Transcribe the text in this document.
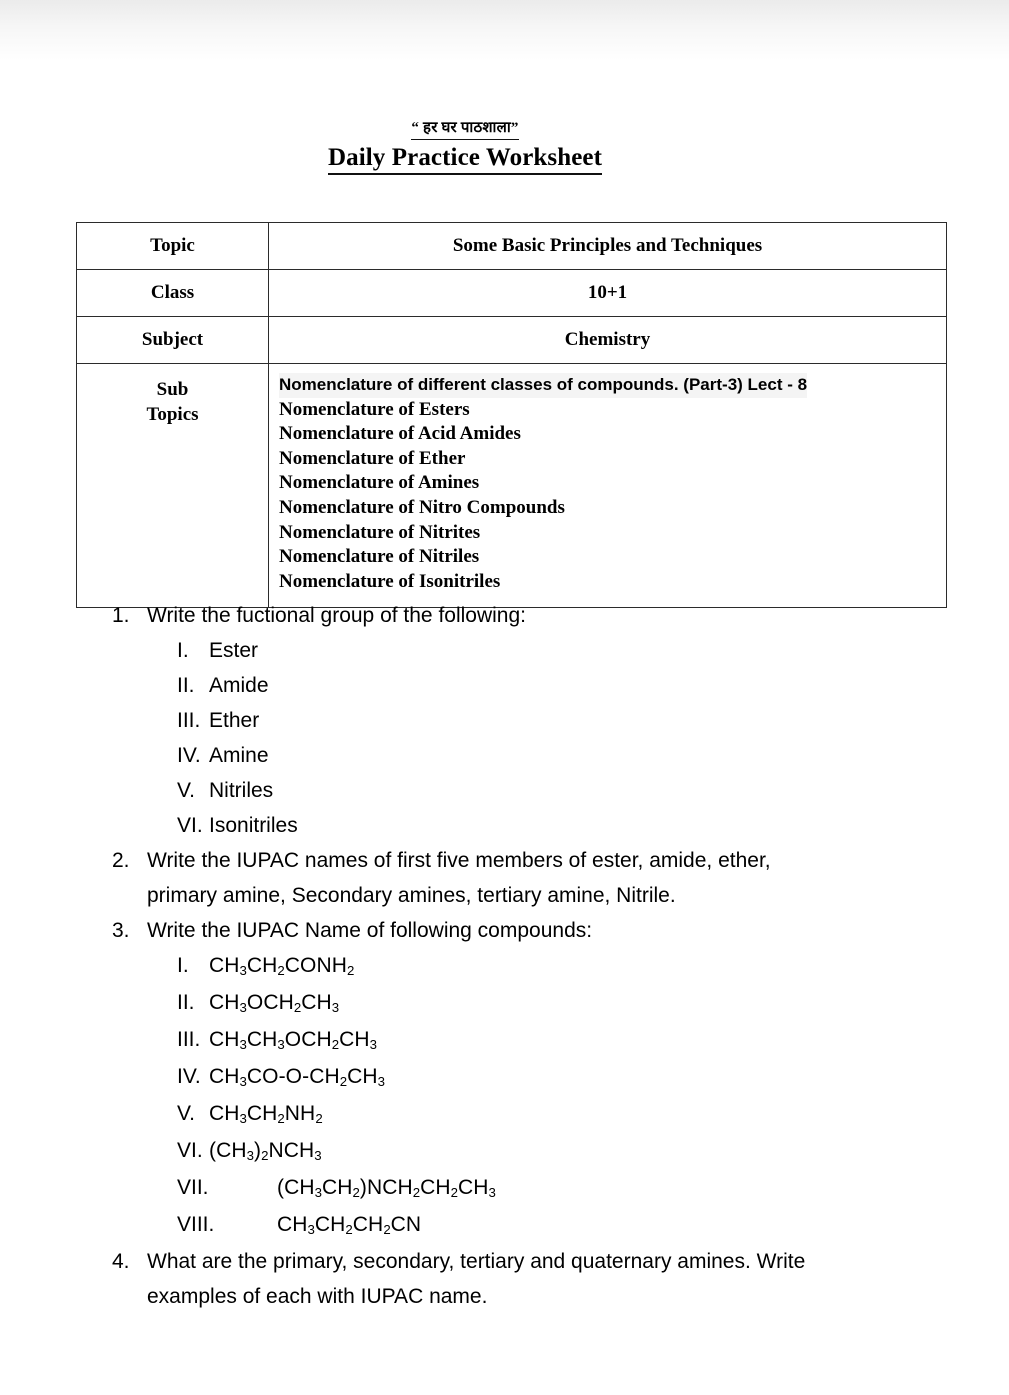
“ हर घर पाठशाला”
Daily Practice Worksheet
Topic	Some Basic Principles and Techniques
Class	10+1
Subject	Chemistry

Sub
Topics
	Nomenclature of different classes of compounds. (Part-3) Lect - 8
Nomenclature of Esters
Nomenclature of Acid Amides
Nomenclature of Ether
Nomenclature of Amines
Nomenclature of Nitro Compounds
Nomenclature of Nitrites
Nomenclature of Nitriles
Nomenclature of Isonitriles
1. Write the fuctional group of the following:
I. Ester
II. Amide
III. Ether
IV. Amine
V. Nitriles
VI. Isonitriles
2. Write the IUPAC names of first five members of ester, amide, ether,
primary amine, Secondary amines, tertiary amine, Nitrile.
3. Write the IUPAC Name of following compounds:
I. $CH_3CH_2CONH_2$
II. $CH_3OCH_2CH_3$
III. $CH_3CH_3OCH_2CH_3$
IV. $CH_3CO-O-CH_2CH_3$
V. $CH_3CH_2NH_2$
VI. $(CH_3)_2NCH_3$
VII.	$(CH_3CH_2)NCH_2CH_2CH_3$
VIII.	$CH_3CH_2CH_2CN$
4. What are the primary, secondary, tertiary and quaternary amines. Write
examples of each with IUPAC name.
